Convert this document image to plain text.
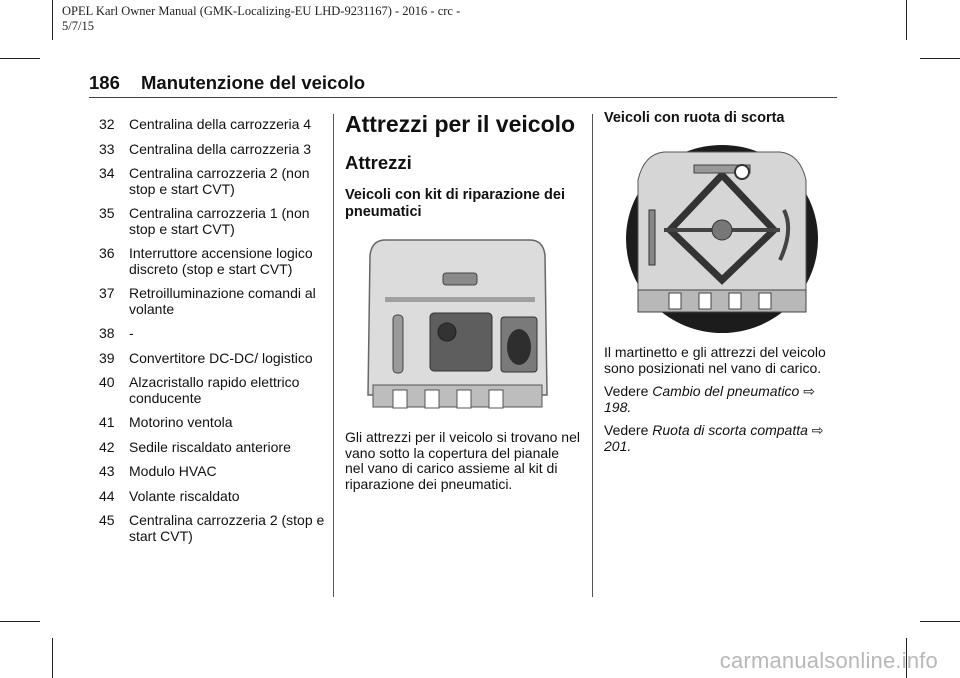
OPEL Karl Owner Manual (GMK-Localizing-EU LHD-9231167) - 2016 - crc -
5/7/15
186 Manutenzione del veicolo
32	Centralina della carrozzeria 4
33	Centralina della carrozzeria 3
34	Centralina carrozzeria 2 (non stop e start CVT)
35	Centralina carrozzeria 1 (non stop e start CVT)
36	Interruttore accensione logico discreto (stop e start CVT)
37	Retroilluminazione comandi al volante
38	-
39	Convertitore DC-DC/ logistico
40	Alzacristallo rapido elettrico conducente
41	Motorino ventola
42	Sedile riscaldato anteriore
43	Modulo HVAC
44	Volante riscaldato
45	Centralina carrozzeria 2 (stop e start CVT)
Attrezzi per il veicolo
Attrezzi
Veicoli con kit di riparazione dei pneumatici

Gli attrezzi per il veicolo si trovano nel vano sotto la copertura del pianale nel vano di carico assieme al kit di riparazione dei pneumatici.

Veicoli con ruota di scorta

Il martinetto e gli attrezzi del veicolo sono posizionati nel vano di carico.

Vedere Cambio del pneumatico ⇨ 198.

Vedere Ruota di scorta compatta ⇨ 201.

carmanualsonline.info
